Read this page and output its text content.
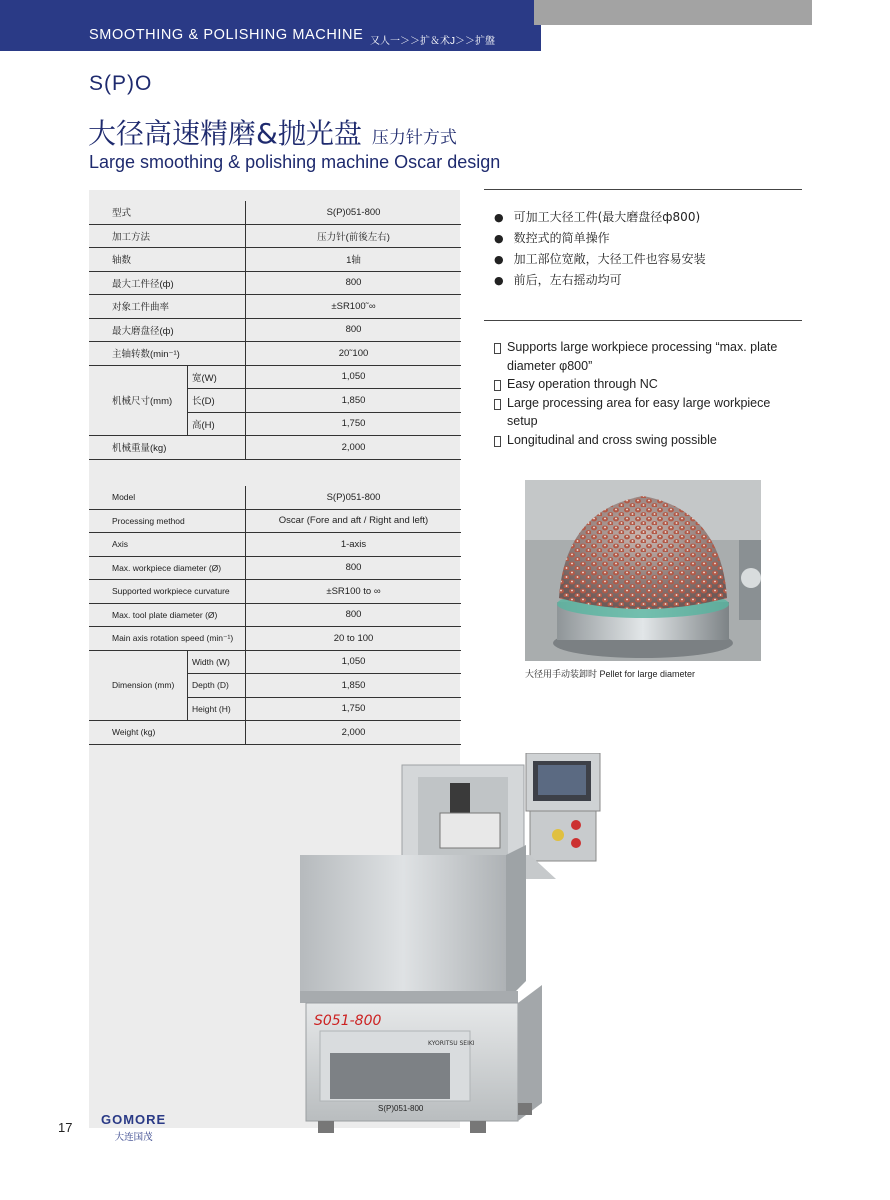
SMOOTHING & POLISHING MACHINE 又人一＞＞扩＆术J＞＞扩盤
S(P)O
大径高速精磨&抛光盘 压力针方式
Large smoothing & polishing machine Oscar design
型式		S(P)051-800
加工方法		压力针(前後左右)
轴数		1轴
最大工件径(ф)		800
对象工件曲率		±SR100˜∞
最大磨盘径(ф)		800
主轴转数(min⁻¹)		20˜100
机械尺寸(mm)	宽(W)	1,050
	长(D)	1,850
	高(H)	1,750
机械重量(kg)		2,000
Model		S(P)051-800
Processing method		Oscar (Fore and aft / Right and left)
Axis		1-axis
Max. workpiece diameter (Ø)		800
Supported workpiece curvature		±SR100 to ∞
Max. tool plate diameter (Ø)		800
Main axis rotation speed (min⁻¹)		20 to 100
Dimension (mm)	Width (W)	1,050
	Depth (D)	1,850
	Height (H)	1,750
Weight (kg)		2,000
● 可加工大径工件(最大磨盘径ф800)
● 数控式的简单操作
● 加工部位宽敞，大径工件也容易安装
● 前后，左右摇动均可
Supports large workpiece processing “max. plate diameter φ800”
Easy operation through NC
Large processing area for easy large workpiece setup
Longitudinal and cross swing possible
大径用手动装卸时 Pellet for large diameter
S051-800
KYORITSU SEIKI
S(P)051-800
17
GOMORE
大连国茂
